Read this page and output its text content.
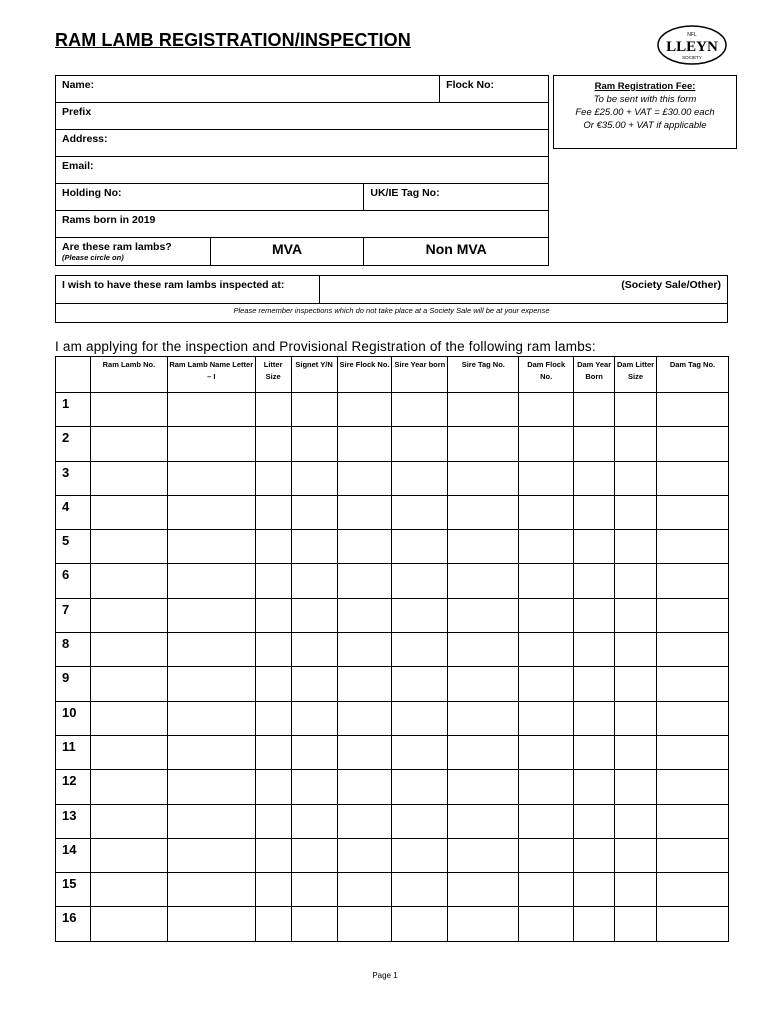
RAM LAMB REGISTRATION/INSPECTION	NFL
LLEYN
SOCIETY
Name:			Flock No:

Prefix			

Address:			

Email:			

Holding No:		UK/IE Tag No:	

Rams born in 2019			

Are these ram lambs?
(Please circle on)	MVA	Non MVA	
Ram Registration Fee:
To be sent with this form
Fee £25.00 + VAT = £30.00 each
Or €35.00 + VAT if applicable
I wish to have these ram lambs inspected at:	(Society Sale/Other)
Please remember inspections which do not take place at a Society Sale will be at your expense
I am applying for the inspection and Provisional Registration of the following ram lambs:
	Ram Lamb No.	Ram Lamb Name Letter – I	Litter Size	Signet Y/N	Sire Flock No.	Sire Year born	Sire Tag No.	Dam Flock No.	Dam Year Born	Dam Litter Size	Dam Tag No.
1											
2											
3											
4											
5											
6											
7											
8											
9											
10											
11											
12											
13											
14											
15											
16											
Page 1
